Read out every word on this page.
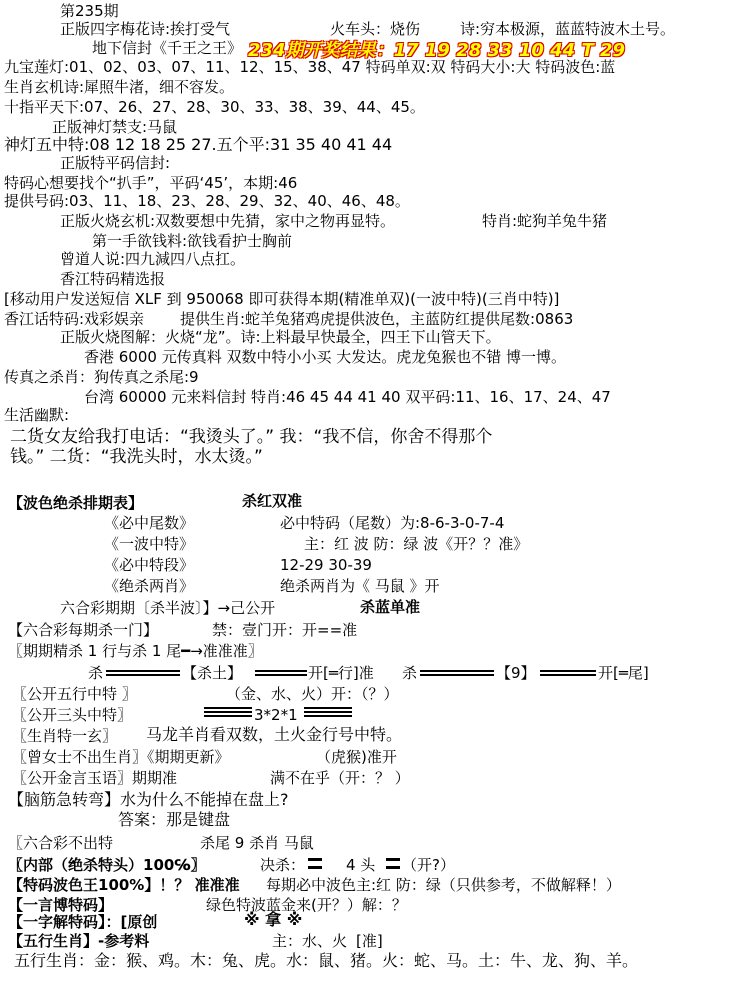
第235期
正版四字梅花诗:挨打受气	火车头：烧伤	诗:穷本极源，蓝蓝特波木土号。
地下信封《千王之王》 234期开奖结果：17 19 28 33 10 44 T 29
九宝莲灯:01、02、03、07、11、12、15、38、47 特码单双:双 特码大小:大 特码波色:蓝
生肖玄机诗:犀照牛渚，细不容发。
十指平天下:07、26、27、28、30、33、38、39、44、45。
正版神灯禁支:马鼠
神灯五中特:08 12 18 25 27.五个平:31 35 40 41 44
正版特平码信封:
特码心想要找个“扒手”，平码‘45’，本期:46
提供号码:03、11、18、23、28、29、32、40、46、48。
正版火烧玄机:双数要想中先猜，家中之物再显特。	特肖:蛇狗羊兔牛猪
第一手欲钱料:欲钱看护士胸前
曾道人说:四九減四八点扛。
香江特码精选报
[移动用户发送短信 XLF 到 950068 即可获得本期(精准单双)(一波中特)(三肖中特)]
香江话特码:戏彩娱亲 提供生肖:蛇羊兔猪鸡虎提供波色，主蓝防红提供尾数:0863
正版火烧图解：火烧“龙”。诗:上料最早快最全，四王下山管天下。
香港 6000 元传真料 双数中特小小买 大发达。虎龙兔猴也不错 博一博。
传真之杀肖：狗传真之杀尾:9
台湾 60000 元来料信封 特肖:46 45 44 41 40 双平码:11、16、17、24、47
生活幽默:
二货女友给我打电话：“我烫头了。” 我：“我不信，你舍不得那个
钱。” 二货：“我洗头时，水太烫。”
【波色绝杀排期表】	杀红双准
《必中尾数》	必中特码（尾数）为:8-6-3-0-7-4
《一波中特》	主：红 波 防：绿 波《开？？准》
《必中特段》	12-29 30-39
《绝杀两肖》	绝杀两肖为《 马鼠 》开
六合彩期期〔杀半波〕】→己公开	杀蓝单准
【六合彩每期杀一门】	禁：壹门开：开==准
〖期期精杀 1 行与杀 1 尾━→准准准〗
杀	【杀土】	开[═行]准 杀	【9】	开[═尾]
〖公开五行中特 〗	（金、水、火）开：（？）
〖公开三头中特〗	3*2*1
〖生肖特一玄〗 马龙羊肖看双数，土火金行号中特。
〖曾女士不出生肖〗《期期更新》	（虎猴)准开
〖公开金言玉语〗期期准	满不在乎（开：？ ）
【脑筋急转弯】水为什么不能掉在盘上?
答案：那是键盘
〖六合彩不出特	杀尾 9 杀肖 马鼠
〖内部（绝杀特头）100℅〗	决杀：	4 头 （开?）
【特码波色王100%】！？ 准准准 每期必中波色主:红 防：绿（只供参考，不做解释！）
【一言博特码】	绿色特波蓝金来(开？）解：？
【一字解特码】：[原创	※ 拿 ※
【五行生肖】-参考料	主：水、火 [准]
五行生肖：金：猴、鸡。木：兔、虎。水：鼠、猪。火：蛇、马。土：牛、龙、狗、羊。
